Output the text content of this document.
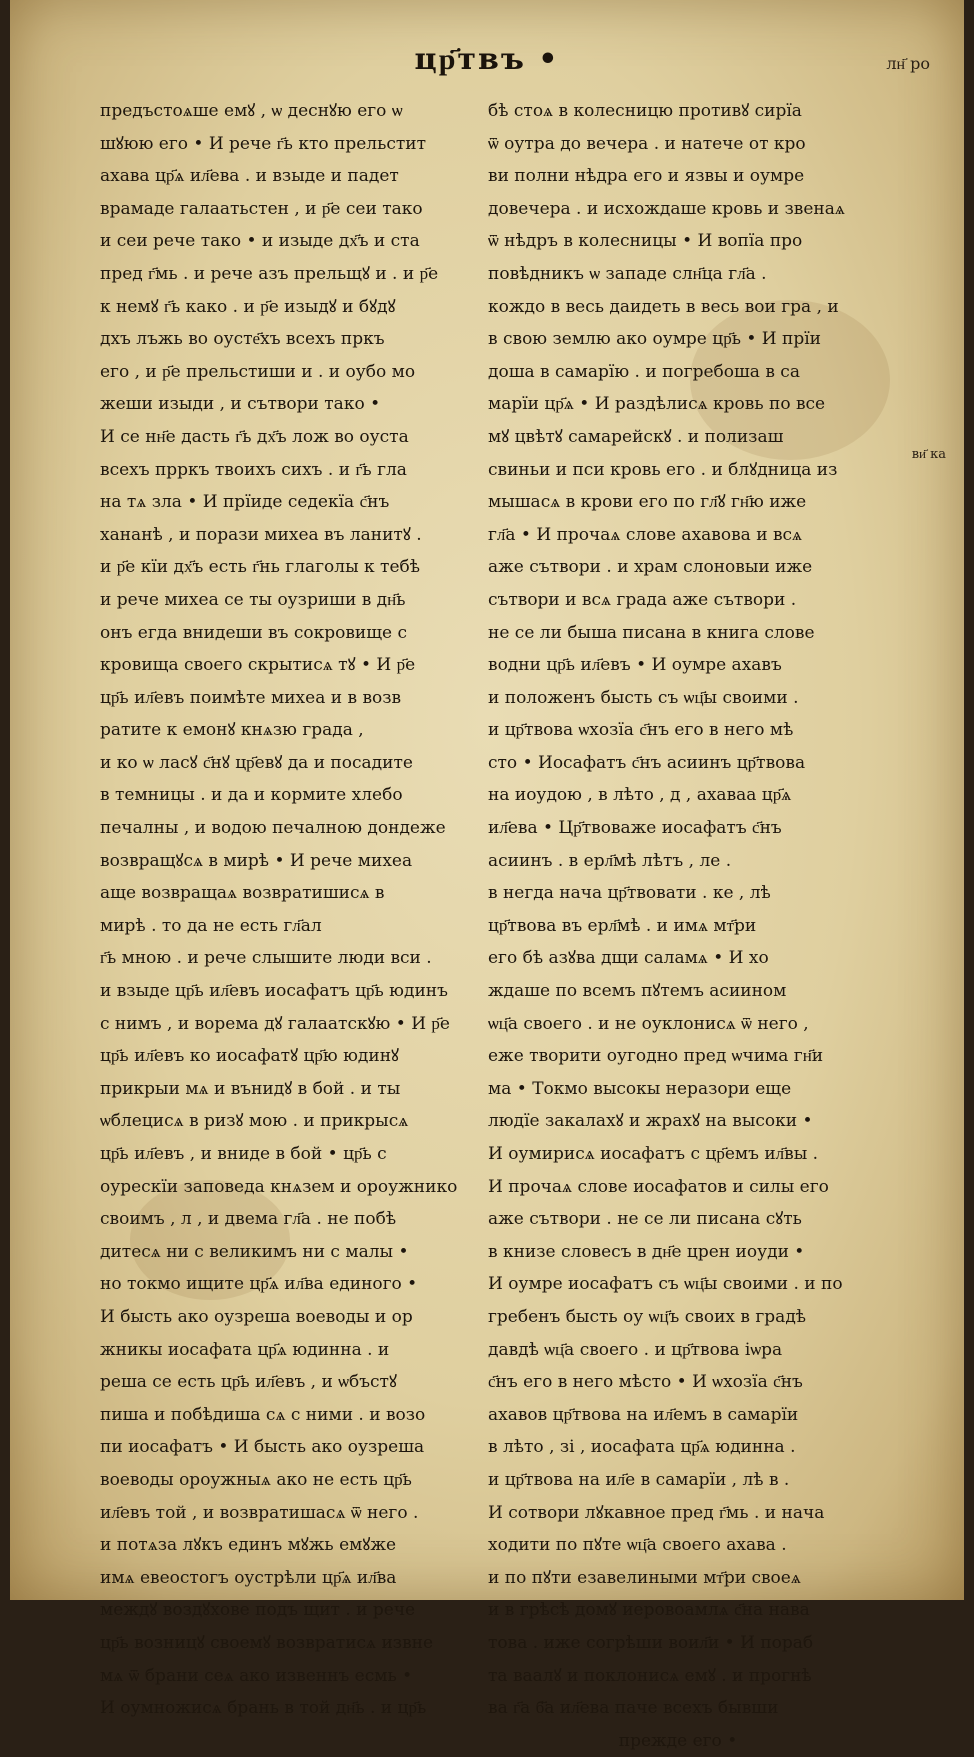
цр҃твъ •	лн҃ ро
ви҃ ка
предъстоѧше емꙋ , ѡ деснꙋю его ѡ
шꙋюю его • И рече г҃ь кто прельстит
ахава цр҃ѧ ил҃ева . и взыде и падет
врамаде галаатьстен , и р҃е сеи тако
и сеи рече тако • и изыде дх҃ъ и ста
пред г҃мь . и рече азъ прельщꙋ и . и р҃е
к немꙋ г҃ь како . и р҃е изыдꙋ и бꙋдꙋ
дхъ лъжь во оусте҃хъ всехъ пркъ
его , и р҃е прельстиши и . и оубо мо
жеши изыди , и сътвори тако •
И се нн҃е дасть г҃ь дх҃ъ лож во оуста
всехъ прркъ твоихъ сихъ . и г҃ь гла
на тѧ зла • И прїиде седекїа с҃нъ
хананѣ , и порази михеа въ ланитꙋ .
и р҃е кїи дх҃ъ есть г҃нь глаголы к тебѣ
и рече михеа се ты оузриши в дн҃ь
онъ егда внидеши въ сокровище с
кровища своего скрытисѧ тꙋ • И р҃е
цр҃ь ил҃евъ поимѣте михеа и в возв
ратите к емонꙋ кнѧзю града ,
и ко ѡ ласꙋ с҃нꙋ цр҃евꙋ да и посадите
в темницы . и да и кормите хлебо
печалны , и водою печалною дондеже
возвращꙋсѧ в мирѣ • И рече михеа
аще возвращаѧ возвратишисѧ в
мирѣ . то да не есть гл҃ал
г҃ь мною . и рече слышите люди вси .
и взыде цр҃ь ил҃евъ иосафатъ цр҃ь юдинъ
с нимъ , и ворема дꙋ галаатскꙋю • И р҃е
цр҃ь ил҃евъ ко иосафатꙋ цр҃ю юдинꙋ
прикрыи мѧ и вънидꙋ в бой . и ты
ѡблецисѧ в ризꙋ мою . и прикрысѧ
цр҃ь ил҃евъ , и вниде в бой • цр҃ь с
оурескїи заповеда кнѧзем и ороужнико
своимъ , л , и двема гл҃а . не побѣ
дитесѧ ни с великимъ ни с малы •
но токмо ищите цр҃ѧ ил҃ва единого •
И бысть ако оузреша воеводы и ор
жникы иосафата цр҃ѧ юдинна . и
реша се есть цр҃ь ил҃евъ , и ѡбъстꙋ
пиша и побѣдиша сѧ с ними . и возо
пи иосафатъ • И бысть ако оузреша
воеводы ороужныѧ ако не есть цр҃ь
ил҃евъ той , и возвратишасѧ ѿ него .
и потѧза лꙋкъ единъ мꙋжь емꙋже
имѧ евеостогъ оустрѣли цр҃ѧ ил҃ва
междꙋ воздꙋхове подъ щит . и рече
цр҃ь возницꙋ своемꙋ возвратисѧ извне
мѧ ѿ брани сеѧ ако извеннъ есмь •
И оумножисѧ брань в той дн҃ь . и цр҃ь
бѣ стоѧ в колесницю противꙋ сирїа
ѿ оутра до вечера . и натече от кро
ви полни нѣдра его и язвы и оумре
довечера . и исхождаше кровь и звенаѧ
ѿ нѣдръ в колесницы • И вопїа про
повѣдникъ ѡ западе слн҃ца гл҃а .
кождо в весь даидеть в весь вои гра , и
в свою землю ако оумре цр҃ь • И прїи
доша в самарїю . и погребоша в са
марїи цр҃ѧ • И раздѣлисѧ кровь по все
мꙋ цвѣтꙋ самарейскꙋ . и полизаш
свиньи и пси кровь его . и блꙋдница из
мышасѧ в крови его по гл҃ꙋ гн҃ю иже
гл҃а • И прочаѧ слове ахавова и всѧ
аже сътвори . и храм слоновыи иже
сътвори и всѧ града аже сътвори .
не се ли быша писана в книга слове
водни цр҃ь ил҃евъ • И оумре ахавъ
и положенъ бысть съ ѡц҃ы своими .
и цр҃твова ѡхозїа с҃нъ его в него мѣ
сто • Иосафатъ с҃нъ асиинъ цр҃твова
на иоудою , в лѣто , д , ахаваа цр҃ѧ
ил҃ева • Цр҃твоваже иосафатъ с҃нъ
асиинъ . в ерл҃мѣ лѣтъ , ле .
в негда нача цр҃твовати . ке , лѣ
цр҃твова въ ерл҃мѣ . и имѧ мт҃ри
его бѣ азꙋва дщи саламѧ • И хо
ждаше по всемъ пꙋтемъ асиином
ѡц҃а своего . и не оуклонисѧ ѿ него ,
еже творити оугодно пред ѡчима гн҃и
ма • Токмо высокы неразори еще
людїе закалахꙋ и жрахꙋ на высоки •
И оумирисѧ иосафатъ с цр҃емъ ил҃вы .
И прочаѧ слове иосафатов и силы его
аже сътвори . не се ли писана сꙋть
в книзе словесъ в дн҃е црен иоуди •
И оумре иосафатъ съ ѡц҃ы своими . и по
гребенъ бысть оу ѡц҃ъ своих в градѣ
давдѣ ѡц҃а своего . и цр҃твова іѡра
с҃нъ его в него мѣсто • И ѡхозїа с҃нъ
ахавов цр҃твова на ил҃емъ в самарїи
в лѣто , зі , иосафата цр҃ѧ юдинна .
и цр҃твова на ил҃е в самарїи , лѣ в .
И сотвори лꙋкавное пред г҃мь . и нача
ходити по пꙋте ѡц҃а своего ахава .
и по пꙋти езавелиными мт҃ри своеѧ
и в грѣсѣ домꙋ иеровоамлѧ с҃на нава
това . иже согрѣши воил҃и • И пораб
та ваалꙋ и поклонисѧ емꙋ . и прогнѣ
ва г҃а б҃а ил҃ева паче всехъ бывши
прежде его •
